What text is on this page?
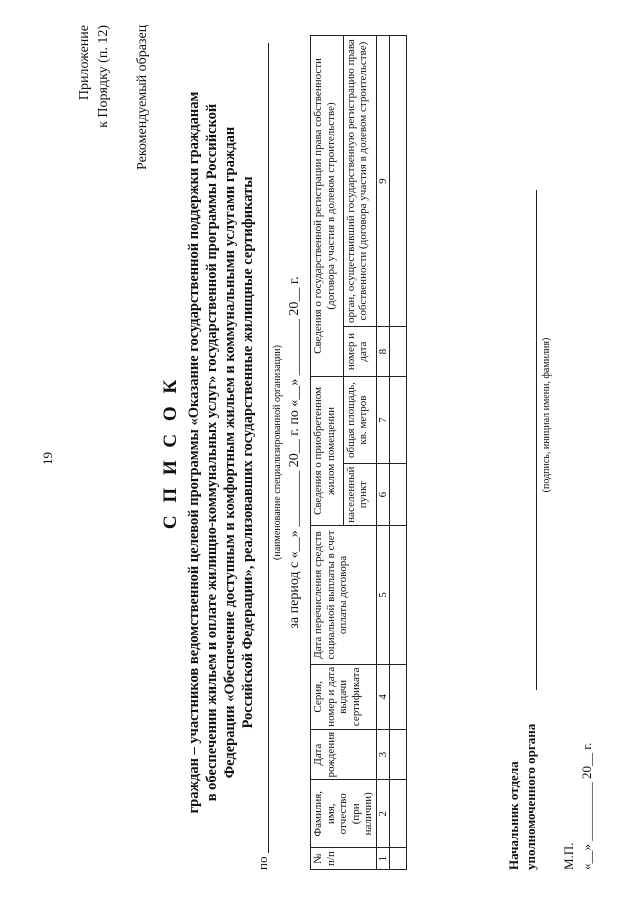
19
Приложение к Порядку (п. 12) Рекомендуемый образец
С П И С О К граждан – участников ведомственной целевой программы «Оказание государственной поддержки гражданам в обеспечении жильем и оплате жилищно-коммунальных услуг» государственной программы Российской Федерации «Обеспечение доступным и комфортным жильем и коммунальными услугами граждан Российской Федерации», реализовавших государственные жилищные сертификаты
по
(наименование специализированной организации) за период с «__» ________ 20__ г. по «__» ________ 20__ г.
№ п/п	Фамилия, имя, отчество (при наличии)	Дата рождения	Серия, номер и дата выдачи сертификата	Дата перечисления средств социальной выплаты в счет оплаты договора	Сведения о приобретенном жилом помещении		Сведения о государственной регистрации права собственности (договора участия в долевом строительстве)	
					населенный пункт	общая площадь, кв. метров	номер и дата	орган, осуществивший государственную регистрацию права собственности (договора участия в долевом строительстве)
1	2	3	4	5	6	7	8	9

Начальник отдела уполномоченного органа
(подпись, инициал имени, фамилия)
М.П. «__» _________ 20__ г.
